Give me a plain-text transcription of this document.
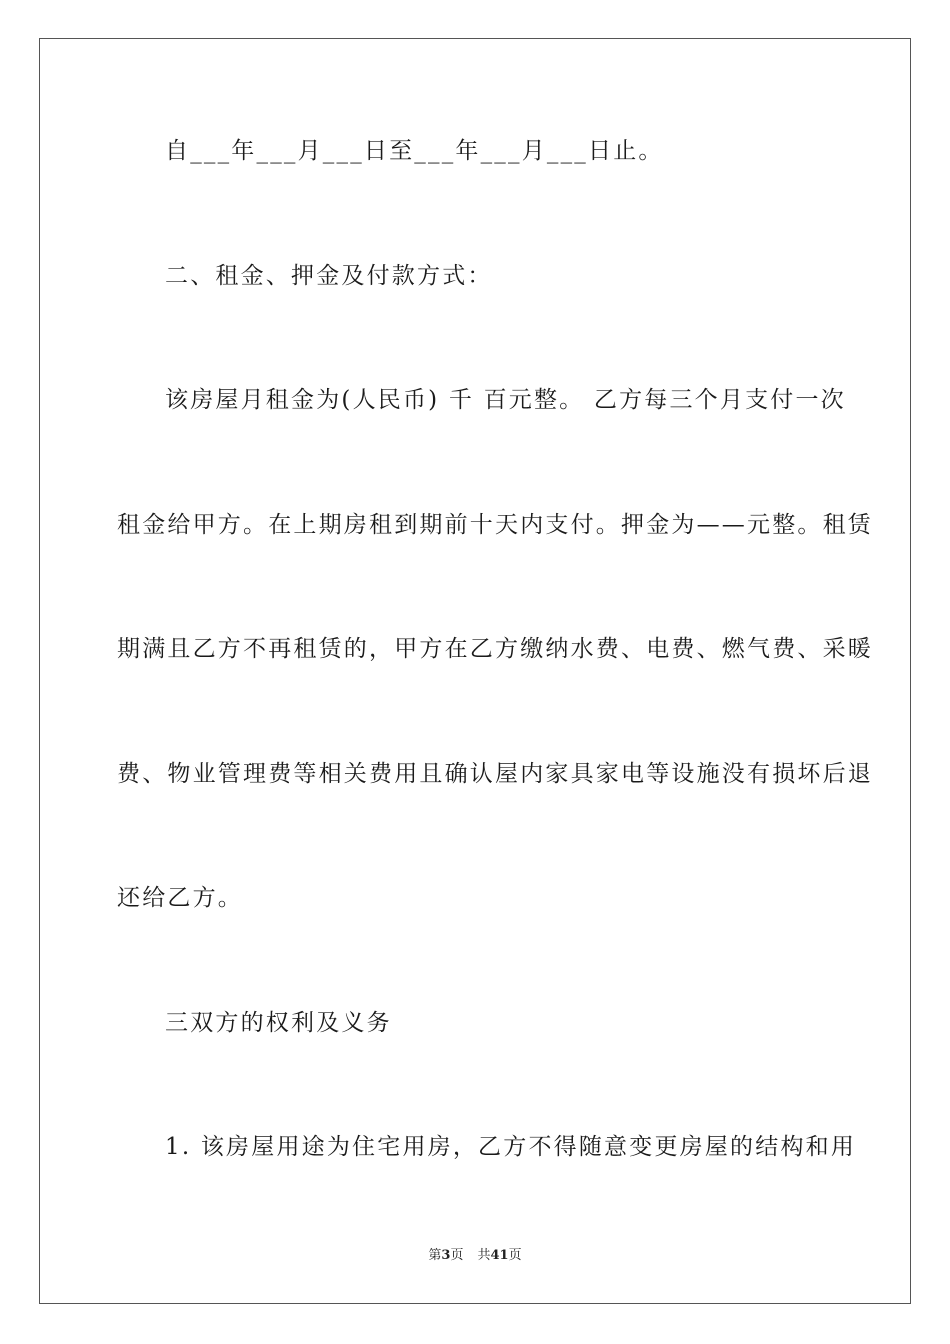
自___年___月___日至___年___月___日止。
二、租金、押金及付款方式：
该房屋月租金为(人民币) 千 百元整。 乙方每三个月支付一次
租金给甲方。在上期房租到期前十天内支付。押金为——元整。租赁
期满且乙方不再租赁的，甲方在乙方缴纳水费、电费、燃气费、采暖
费、物业管理费等相关费用且确认屋内家具家电等设施没有损坏后退
还给乙方。
三双方的权利及义务
1. 该房屋用途为住宅用房，乙方不得随意变更房屋的结构和用
第3页 共41页
